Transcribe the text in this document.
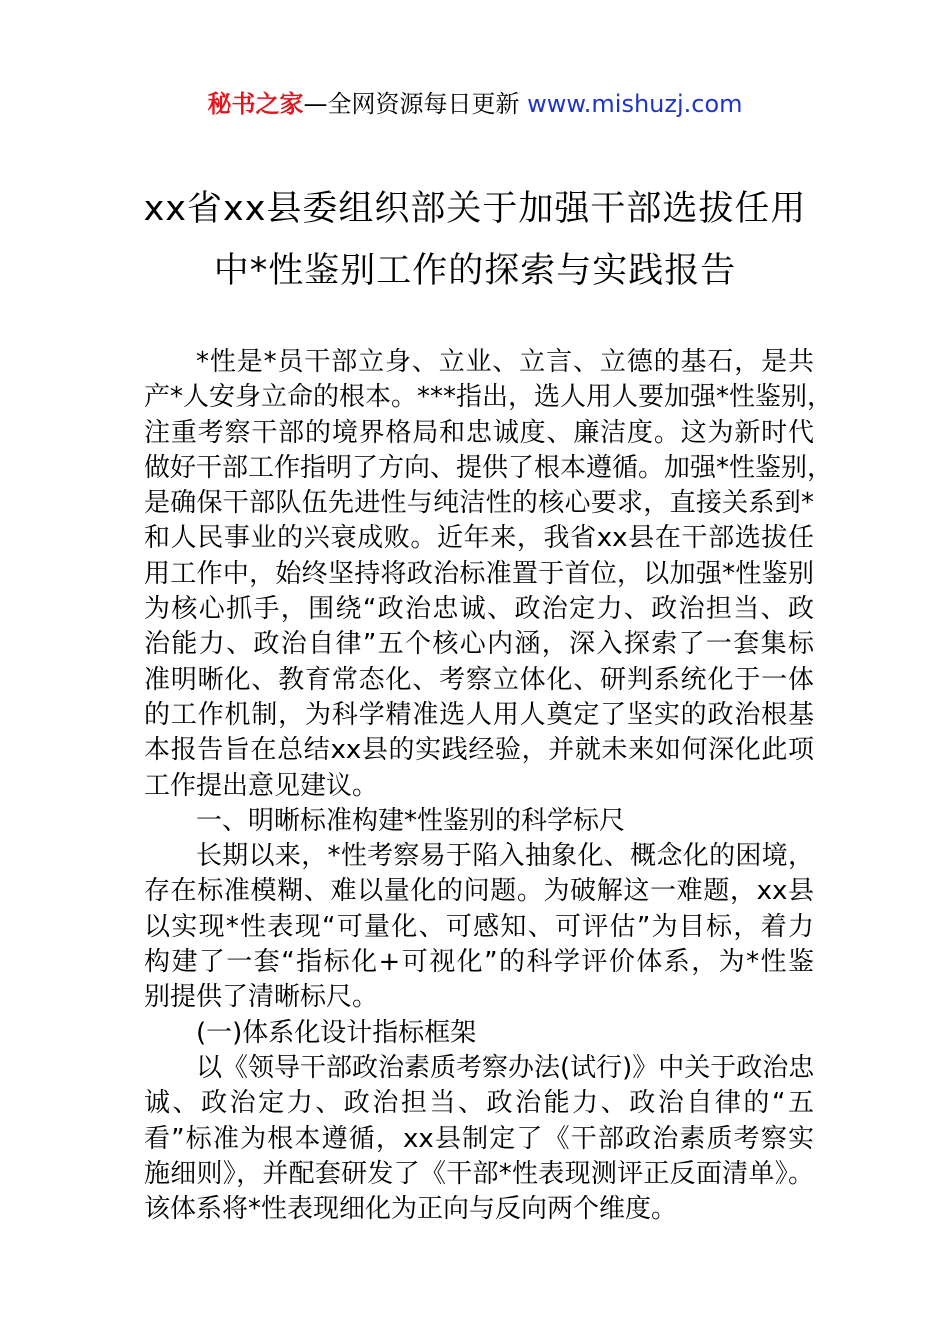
秘书之家—全网资源每日更新 www.mishuzj.com
xx省xx县委组织部关于加强干部选拔任用
中*性鉴别工作的探索与实践报告
*性是*员干部立身、立业、立言、立德的基石，是共
产*人安身立命的根本。***指出，选人用人要加强*性鉴别，
注重考察干部的境界格局和忠诚度、廉洁度。这为新时代
做好干部工作指明了方向、提供了根本遵循。加强*性鉴别，
是确保干部队伍先进性与纯洁性的核心要求，直接关系到*
和人民事业的兴衰成败。近年来，我省xx县在干部选拔任
用工作中，始终坚持将政治标准置于首位，以加强*性鉴别
为核心抓手，围绕“政治忠诚、政治定力、政治担当、政
治能力、政治自律”五个核心内涵，深入探索了一套集标
准明晰化、教育常态化、考察立体化、研判系统化于一体
的工作机制，为科学精准选人用人奠定了坚实的政治根基
本报告旨在总结xx县的实践经验，并就未来如何深化此项
工作提出意见建议。
一、明晰标准构建*性鉴别的科学标尺
长期以来，*性考察易于陷入抽象化、概念化的困境，
存在标准模糊、难以量化的问题。为破解这一难题，xx县
以实现*性表现“可量化、可感知、可评估”为目标，着力
构建了一套“指标化+可视化”的科学评价体系，为*性鉴
别提供了清晰标尺。
(一)体系化设计指标框架
以《领导干部政治素质考察办法(试行)》中关于政治忠
诚、政治定力、政治担当、政治能力、政治自律的“五
看”标准为根本遵循，xx县制定了《干部政治素质考察实
施细则》，并配套研发了《干部*性表现测评正反面清单》。
该体系将*性表现细化为正向与反向两个维度。
